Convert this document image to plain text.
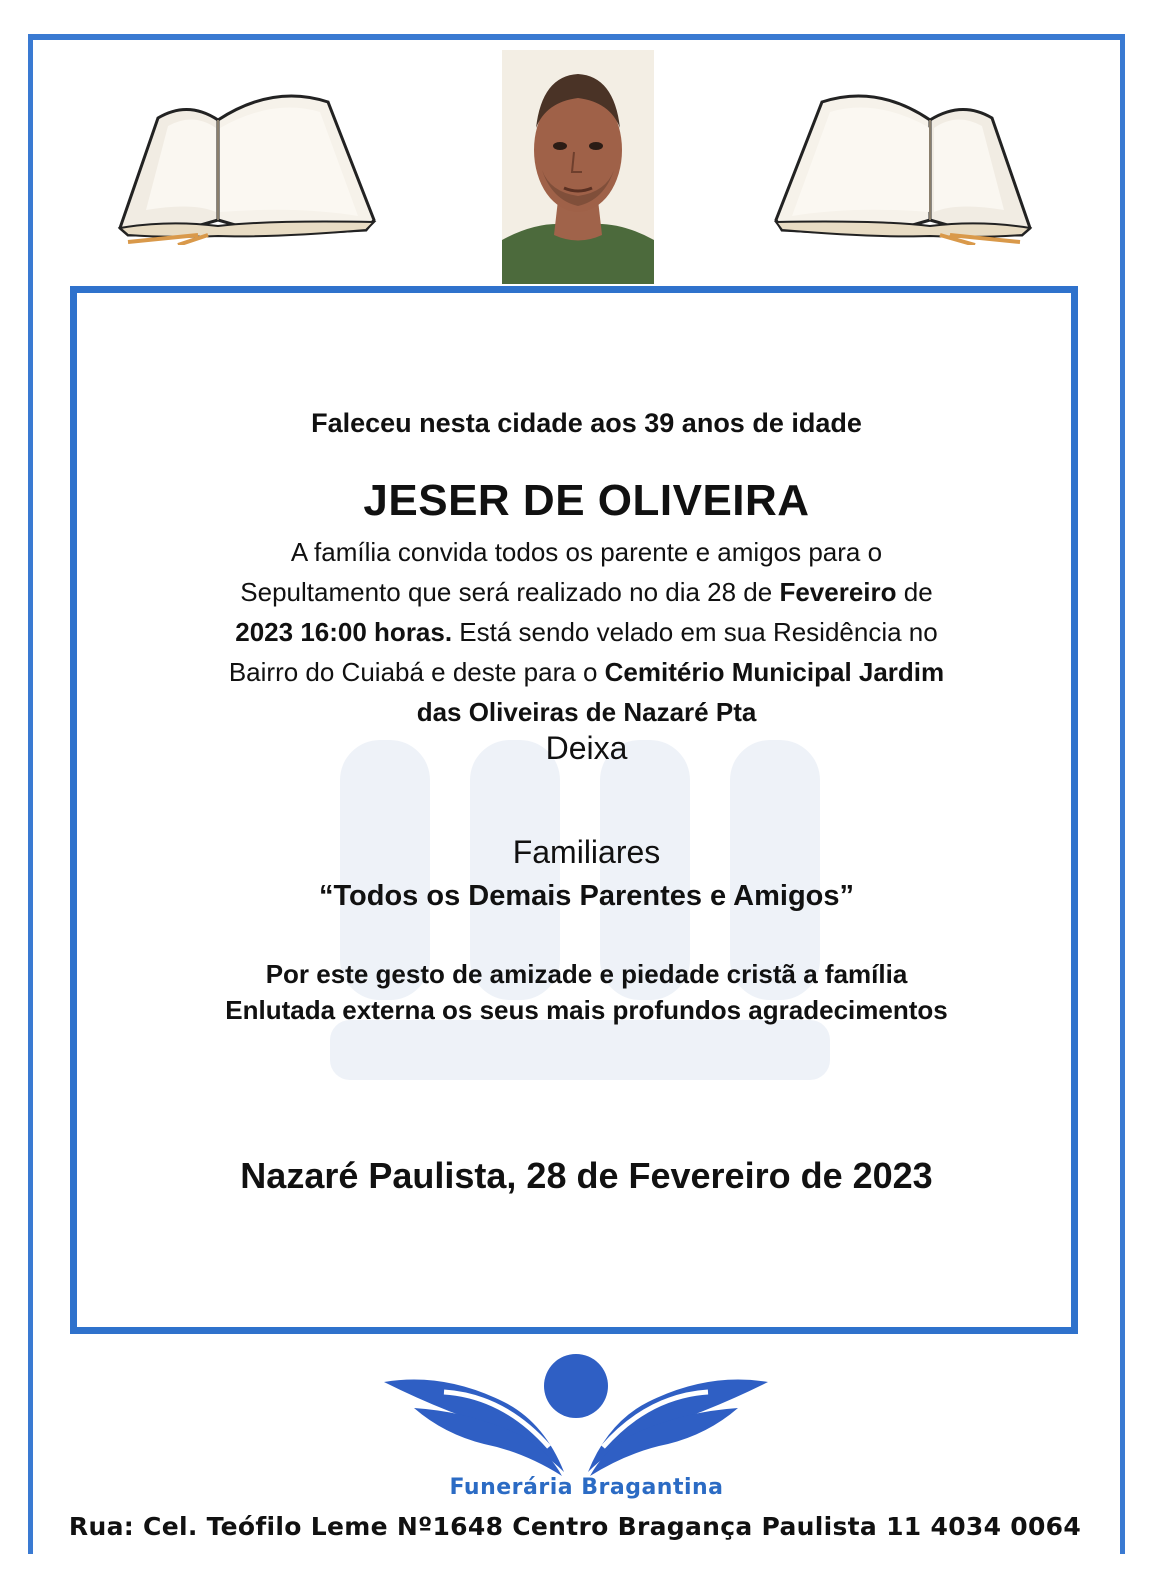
Faleceu nesta cidade aos 39 anos de idade
JESER DE OLIVEIRA
A família convida todos os parente e amigos para o
Sepultamento que será realizado no dia 28 de Fevereiro de
2023 16:00 horas. Está sendo velado em sua Residência no
Bairro do Cuiabá e deste para o Cemitério Municipal Jardim
das Oliveiras de Nazaré Pta
Deixa
Familiares
“Todos os Demais Parentes e Amigos”
Por este gesto de amizade e piedade cristã a família
Enlutada externa os seus mais profundos agradecimentos
Nazaré Paulista, 28 de Fevereiro de 2023
Funerária Bragantina
Rua: Cel. Teófilo Leme Nº1648 Centro Bragança Paulista 11 4034 0064
